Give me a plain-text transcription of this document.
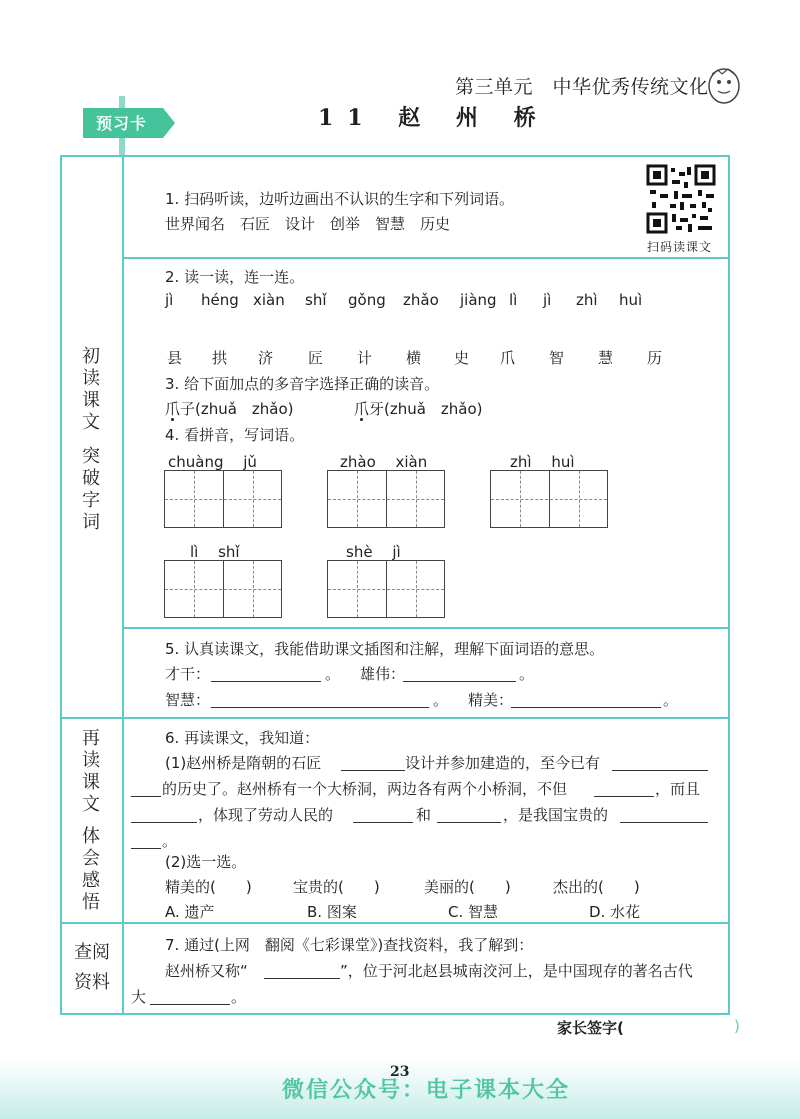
第三单元　中华优秀传统文化
预习卡	11 赵 州 桥
初
读
课
文
突
破
字
词
再
读
课
文
体
会
感
悟
查阅
资料
1. 扫码听读，边听边画出不认识的生字和下列词语。
世界闻名　石匠　设计　创举　智慧　历史
扫码读课文
2. 读一读，连一连。
jì héng xiàn shǐ gǒng zhǎo jiàng lì jì zhì huì
县 拱 济 匠 计 横 史 爪 智 慧 历
3. 给下面加点的多音字选择正确的读音。
爪子(zhuǎ　zhǎo)	爪牙(zhuǎ　zhǎo)
4. 看拼音，写词语。
chuàng　 jǔ	zhào　 xiàn	zhì　 huì
lì　 shǐ	shè　 jì
5. 认真读课文，我能借助课文插图和注解，理解下面词语的意思。
才干：	。 雄伟：	。
智慧：	。 精美：	。
6. 再读课文，我知道：
(1)赵州桥是隋朝的石匠	设计并参加建造的，至今已有
的历史了。赵州桥有一个大桥洞，两边各有两个小桥洞，不但	，而且
，体现了劳动人民的	和	，是我国宝贵的
。
(2)选一选。
精美的(　　)	宝贵的(　　)	美丽的(　　)	杰出的(　　)
A. 遗产	B. 图案	C. 智慧	D. 水花
7. 通过(上网　翻阅《七彩课堂》)查找资料，我了解到：
赵州桥又称“	”，位于河北赵县城南洨河上，是中国现存的著名古代
大	。
家长签字(	)
23
微信公众号：电子课本大全
